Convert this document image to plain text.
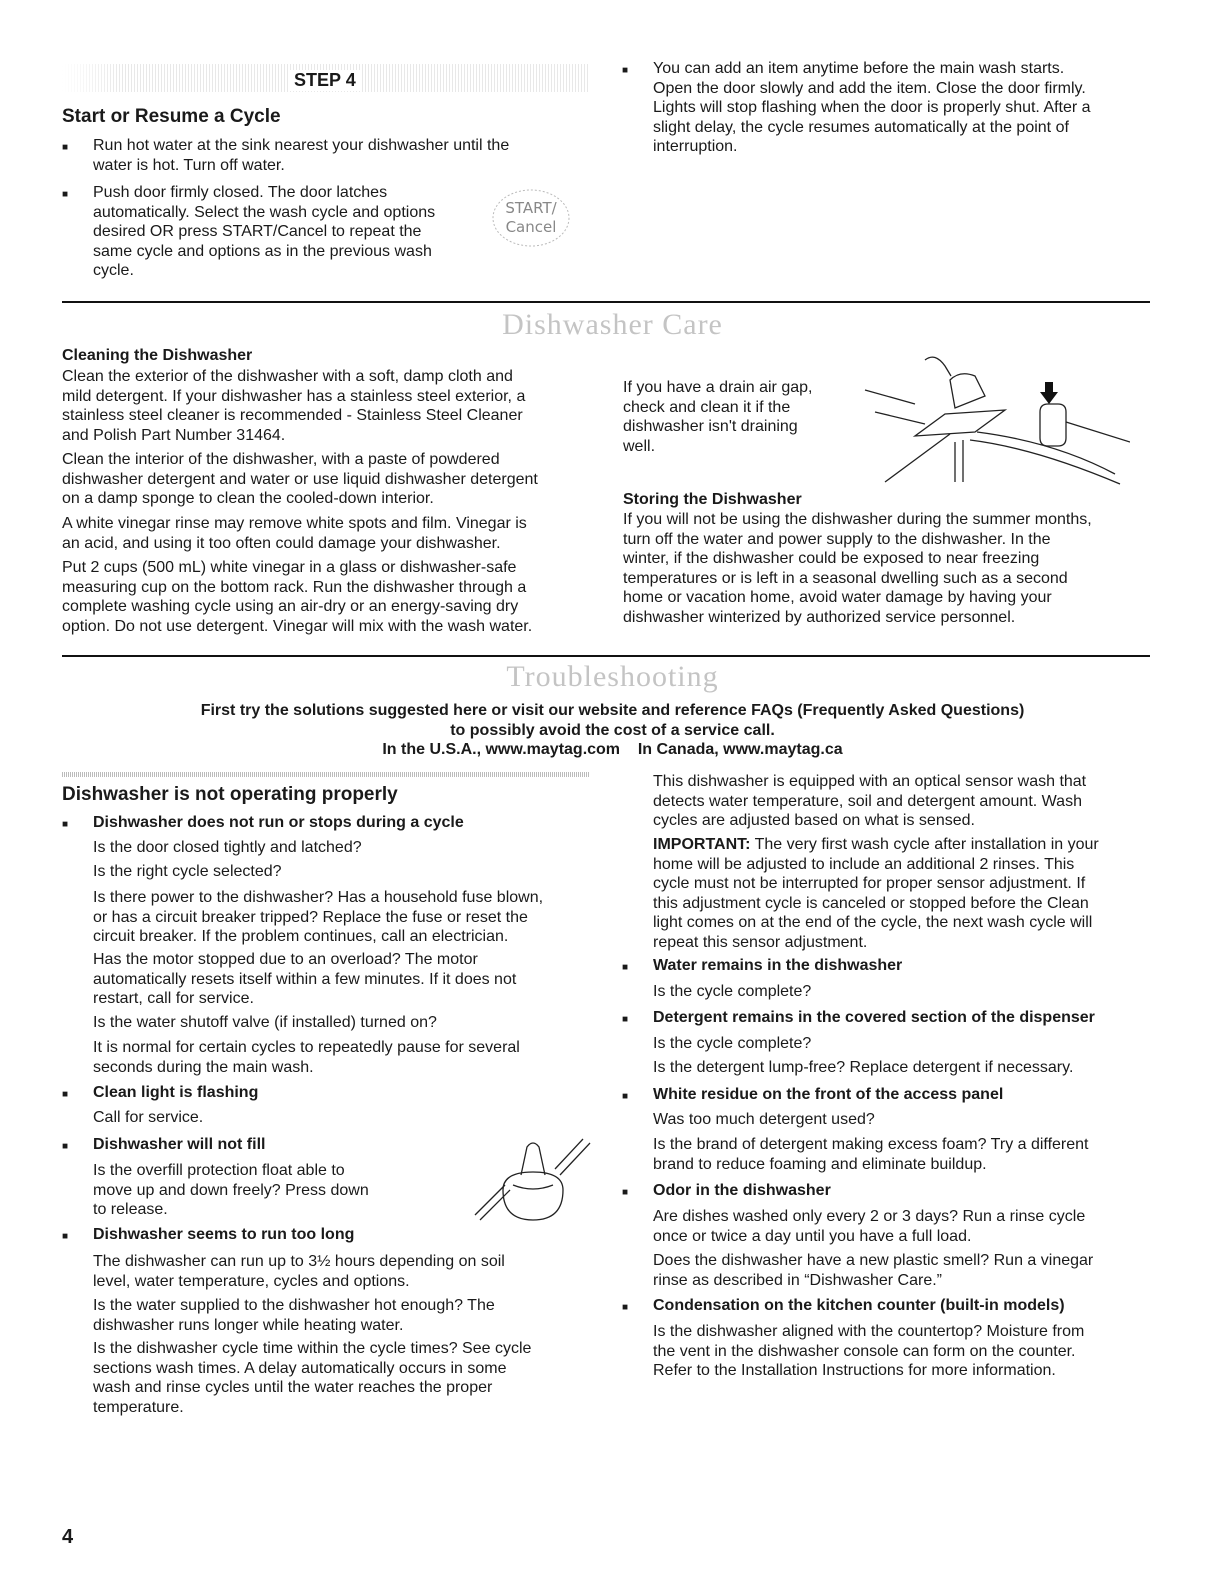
STEP 4
Start or Resume a Cycle
■ Run hot water at the sink nearest your dishwasher until the

water is hot. Turn off water.

■ Push door firmly closed. The door latches

automatically. Select the wash cycle and options

desired OR press START/Cancel to repeat the

same cycle and options as in the previous wash

cycle.

START/
Cancel
■ You can add an item anytime before the main wash starts.

Open the door slowly and add the item. Close the door firmly.

Lights will stop flashing when the door is properly shut. After a

slight delay, the cycle resumes automatically at the point of

interruption.

Dishwasher Care
Cleaning the Dishwasher

Clean the exterior of the dishwasher with a soft, damp cloth and

mild detergent. If your dishwasher has a stainless steel exterior, a

stainless steel cleaner is recommended - Stainless Steel Cleaner

and Polish Part Number 31464.

Clean the interior of the dishwasher, with a paste of powdered

dishwasher detergent and water or use liquid dishwasher detergent

on a damp sponge to clean the cooled-down interior.

A white vinegar rinse may remove white spots and film. Vinegar is

an acid, and using it too often could damage your dishwasher.

Put 2 cups (500 mL) white vinegar in a glass or dishwasher-safe

measuring cup on the bottom rack. Run the dishwasher through a

complete washing cycle using an air-dry or an energy-saving dry

option. Do not use detergent. Vinegar will mix with the wash water.

If you have a drain air gap,

check and clean it if the

dishwasher isn't draining

well.

Storing the Dishwasher

If you will not be using the dishwasher during the summer months,

turn off the water and power supply to the dishwasher. In the

winter, if the dishwasher could be exposed to near freezing

temperatures or is left in a seasonal dwelling such as a second

home or vacation home, avoid water damage by having your

dishwasher winterized by authorized service personnel.

Troubleshooting

First try the solutions suggested here or visit our website and reference FAQs (Frequently Asked Questions)

to possibly avoid the cost of a service call.

In the U.S.A., www.maytag.com    In Canada, www.maytag.ca

Dishwasher is not operating properly
■ Dishwasher does not run or stops during a cycle
Is the door closed tightly and latched?
Is the right cycle selected?

Is there power to the dishwasher? Has a household fuse blown,

or has a circuit breaker tripped? Replace the fuse or reset the

circuit breaker. If the problem continues, call an electrician.

Has the motor stopped due to an overload? The motor

automatically resets itself within a few minutes. If it does not

restart, call for service.

Is the water shutoff valve (if installed) turned on?

It is normal for certain cycles to repeatedly pause for several

seconds during the main wash.

■ Clean light is flashing
Call for service.
■ Dishwasher will not fill

Is the overfill protection float able to

move up and down freely? Press down

to release.

■ Dishwasher seems to run too long

The dishwasher can run up to 3½ hours depending on soil

level, water temperature, cycles and options.

Is the water supplied to the dishwasher hot enough? The

dishwasher runs longer while heating water.

Is the dishwasher cycle time within the cycle times? See cycle

sections wash times. A delay automatically occurs in some

wash and rinse cycles until the water reaches the proper

temperature.

This dishwasher is equipped with an optical sensor wash that

detects water temperature, soil and detergent amount. Wash

cycles are adjusted based on what is sensed.

IMPORTANT: The very first wash cycle after installation in your

home will be adjusted to include an additional 2 rinses. This

cycle must not be interrupted for proper sensor adjustment. If

this adjustment cycle is canceled or stopped before the Clean

light comes on at the end of the cycle, the next wash cycle will

repeat this sensor adjustment.

■ Water remains in the dishwasher
Is the cycle complete?
■ Detergent remains in the covered section of the dispenser
Is the cycle complete?
Is the detergent lump-free? Replace detergent if necessary.
■ White residue on the front of the access panel
Was too much detergent used?

Is the brand of detergent making excess foam? Try a different

brand to reduce foaming and eliminate buildup.

■ Odor in the dishwasher

Are dishes washed only every 2 or 3 days? Run a rinse cycle

once or twice a day until you have a full load.

Does the dishwasher have a new plastic smell? Run a vinegar

rinse as described in “Dishwasher Care.”

■ Condensation on the kitchen counter (built-in models)

Is the dishwasher aligned with the countertop? Moisture from

the vent in the dishwasher console can form on the counter.

Refer to the Installation Instructions for more information.

4
